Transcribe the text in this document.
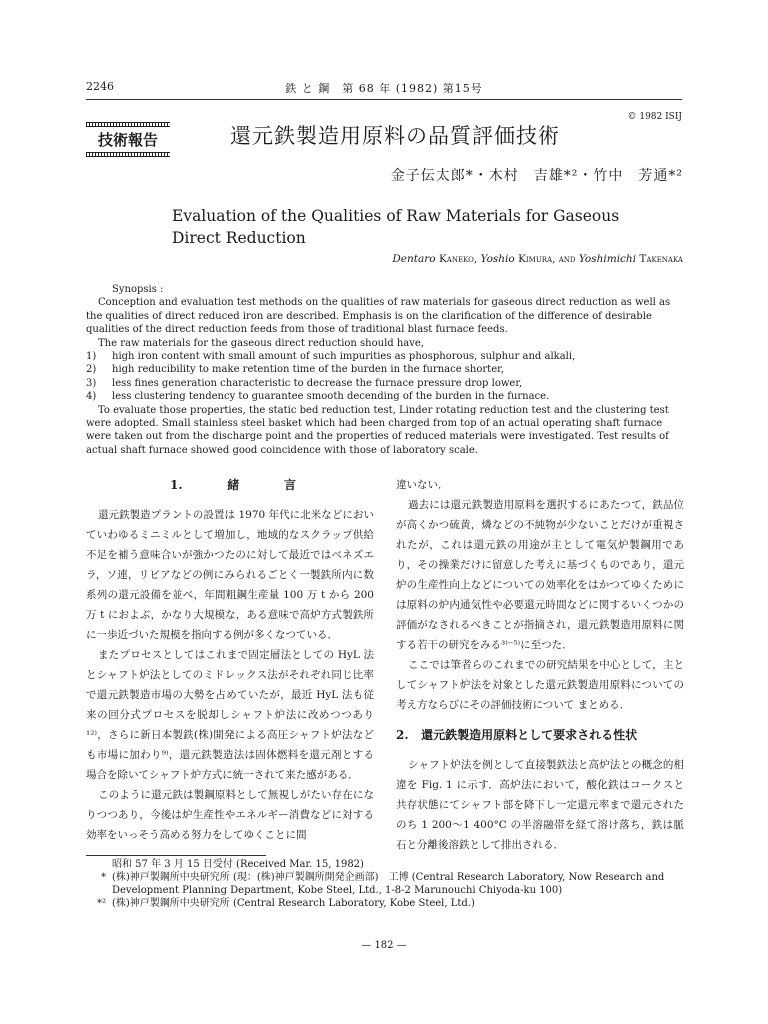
2246	鉄 と 鋼　第 68 年 (1982) 第15号
技術報告
© 1982 ISIJ
還元鉄製造用原料の品質評価技術
金子伝太郎*・木村　吉雄*²・竹中　芳通*²
Evaluation of the Qualities of Raw Materials for Gaseous
Direct Reduction
Dentaro Kaneko, Yoshio Kimura, and Yoshimichi Takenaka

Synopsis :

Conception and evaluation test methods on the qualities of raw materials for gaseous direct reduction as well as the qualities of direct reduced iron are described. Emphasis is on the clarification of the difference of desirable qualities of the direct reduction feeds from those of traditional blast furnace feeds.

The raw materials for the gaseous direct reduction should have,

1) high iron content with small amount of such impurities as phosphorous, sulphur and alkali,
2) high reducibility to make retention time of the burden in the furnace shorter,
3) less fines generation characteristic to decrease the furnace pressure drop lower,
4) less clustering tendency to guarantee smooth decending of the burden in the furnace.

To evaluate those properties, the static bed reduction test, Linder rotating reduction test and the clustering test were adopted. Small stainless steel basket which had been charged from top of an actual operating shaft furnace were taken out from the discharge point and the properties of reduced materials were investigated. Test results of actual shaft furnace showed good coincidence with those of laboratory scale.

1.	緒	言

還元鉄製造プラントの設置は 1970 年代に北米などにおいていわゆるミニミルとして増加し，地域的なスクラップ供給不足を補う意味合いが強かつたのに対して最近ではベネズエラ，ソ連，リビアなどの例にみられるごとく一製鉄所内に数系列の還元設備を並べ，年間粗鋼生産量 100 万 t から 200 万 t におよぶ，かなり大規模な，ある意味で高炉方式製鉄所に一歩近づいた規模を指向する例が多くなつている．

またプロセスとしてはこれまで固定層法としての HyL 法とシャフト炉法としてのミドレックス法がそれぞれ同じ比率で還元鉄製造市場の大勢を占めていたが，最近 HyL 法も従来の回分式プロセスを脱却しシャフト炉法に改めつつあり¹²⁾，さらに新日本製鉄(株)開発による高圧シャフト炉法なども市場に加わり⁹⁾，還元鉄製造法は固体燃料を還元剤とする場合を除いてシャフト炉方式に統一されて来た感がある．

このように還元鉄は製鋼原料として無視しがたい存在になりつつあり，今後は炉生産性やエネルギー消費などに対する効率をいっそう高める努力をしてゆくことに間

違いない．

過去には還元鉄製造用原料を選択するにあたつて，鉄品位が高くかつ硫黄，燐などの不純物が少ないことだけが重視されたが，これは還元鉄の用途が主として電気炉製鋼用であり，その操業だけに留意した考えに基づくものであり，還元炉の生産性向上などについての効率化をはかつてゆくためには原料の炉内通気性や必要還元時間などに関するいくつかの評価がなされるべきことが指摘され，還元鉄製造用原料に関する若干の研究をみる³⁾⁻⁵⁾に至つた．

ここでは筆者らのこれまでの研究結果を中心として，主としてシャフト炉法を対象とした還元鉄製造用原料についての考え方ならびにその評価技術について まとめる．

2. 還元鉄製造用原料として要求される性状

シャフト炉法を例として直接製鉄法と高炉法との概念的相違を Fig. 1 に示す．高炉法において，酸化鉄はコークスと共存状態にてシャフト部を降下し一定還元率まで還元されたのち 1 200～1 400°C の半溶融帯を経て溶け落ち，鉄は脈石と分離後溶鉄として排出される．

昭和 57 年 3 月 15 日受付 (Received Mar. 15, 1982)
* (株)神戸製鋼所中央研究所 (現：(株)神戸製鋼所開発企画部)　工博 (Central Research Laboratory, Now Research and Development Planning Department, Kobe Steel, Ltd., 1-8-2 Marunouchi Chiyoda-ku 100)
*² (株)神戸製鋼所中央研究所 (Central Research Laboratory, Kobe Steel, Ltd.)
— 182 —
